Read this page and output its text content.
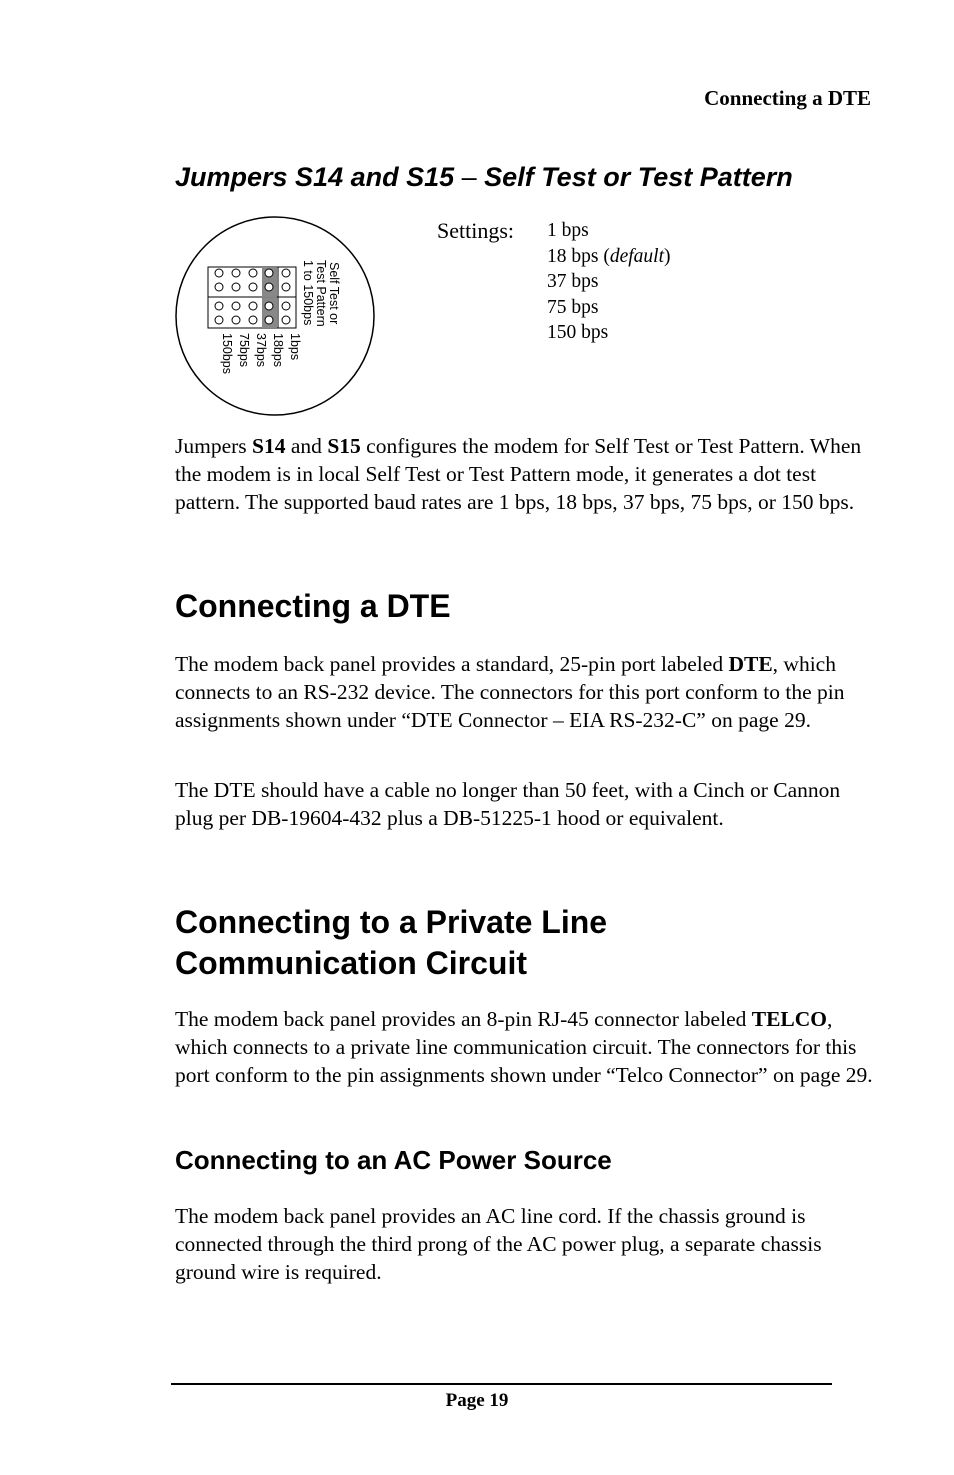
Connecting a DTE
Jumpers S14 and S15 – Self Test or Test Pattern
Self Test or
Test Pattern
1 to 150bps
1bps
18bps
37bps
75bps
150bps
Settings: 1 bps
18 bps (default)
37 bps
75 bps
150 bps

Jumpers S14 and S15 configures the modem for Self Test or Test Pattern. When the modem is in local Self Test or Test Pattern mode, it generates a dot test pattern. The supported baud rates are 1 bps, 18 bps, 37 bps, 75 bps, or 150 bps.

Connecting a DTE

The modem back panel provides a standard, 25-pin port labeled DTE, which connects to an RS-232 device. The connectors for this port conform to the pin assignments shown under “DTE Connector – EIA RS-232-C” on page 29.

The DTE should have a cable no longer than 50 feet, with a Cinch or Cannon plug per DB-19604-432 plus a DB-51225-1 hood or equivalent.

Connecting to a Private Line
Communication Circuit

The modem back panel provides an 8-pin RJ-45 connector labeled TELCO, which connects to a private line communication circuit. The connectors for this port conform to the pin assignments shown under “Telco Connector” on page 29.

Connecting to an AC Power Source

The modem back panel provides an AC line cord. If the chassis ground is connected through the third prong of the AC power plug, a separate chassis ground wire is required.

Page 19
